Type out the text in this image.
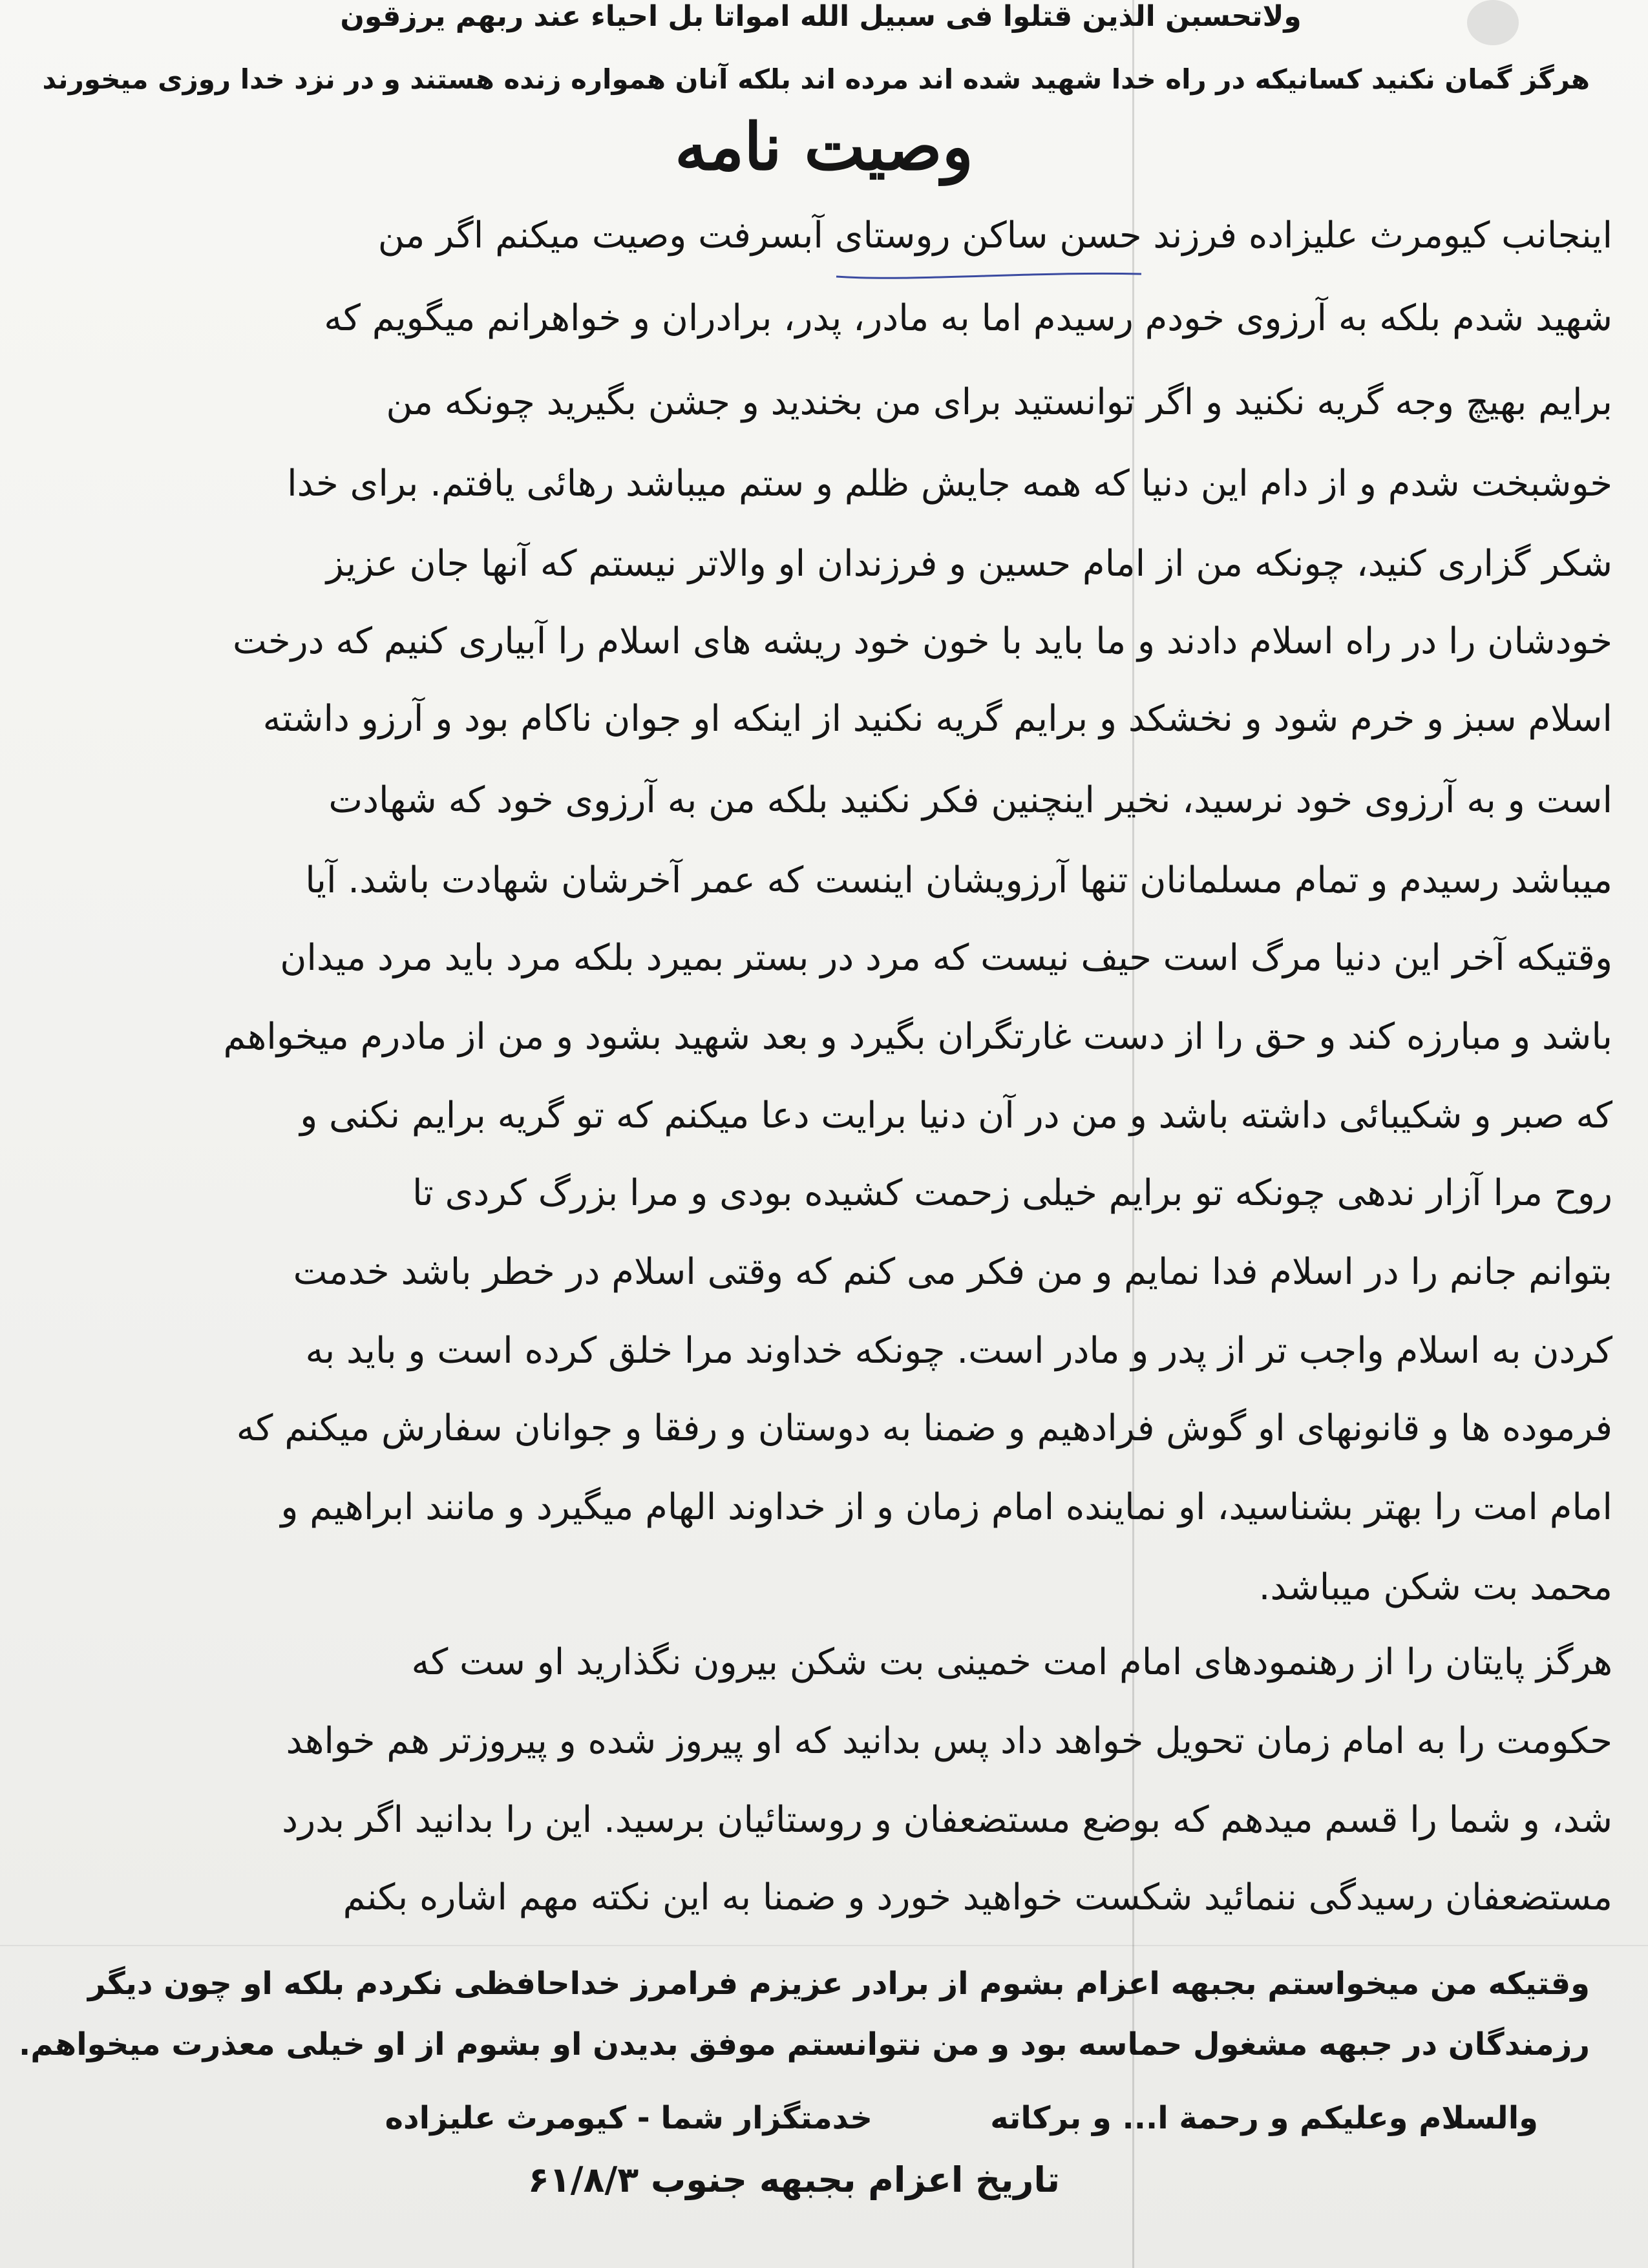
ولاتحسبن الذین قتلوا فی سبیل الله امواتا بل احیاء عند ربهم یرزقون
هرگز گمان نکنید کسانیکه در راه خدا شهید شده اند مرده اند بلکه آنان همواره زنده هستند و در نزد خدا روزی میخورند
وصیت نامه
اینجانب کیومرث علیزاده فرزند حسن ساکن روستای آبسرفت وصیت میکنم اگر من
شهید شدم بلکه به آرزوی خودم رسیدم اما به مادر، پدر، برادران و خواهرانم میگویم که
برایم بهیچ وجه گریه نکنید و اگر توانستید برای من بخندید و جشن بگیرید چونکه من
خوشبخت شدم و از دام این دنیا که همه جایش ظلم و ستم میباشد رهائی یافتم. برای خدا
شکر گزاری کنید، چونکه من از امام حسین و فرزندان او والاتر نیستم که آنها جان عزیز
خودشان را در راه اسلام دادند و ما باید با خون خود ریشه های اسلام را آبیاری کنیم که درخت
اسلام سبز و خرم شود و نخشکد و برایم گریه نکنید از اینکه او جوان ناکام بود و آرزو داشته
است و به آرزوی خود نرسید، نخیر اینچنین فکر نکنید بلکه من به آرزوی خود که شهادت
میباشد رسیدم و تمام مسلمانان تنها آرزویشان اینست که عمر آخرشان شهادت باشد. آیا
وقتیکه آخر این دنیا مرگ است حیف نیست که مرد در بستر بمیرد بلکه مرد باید مرد میدان
باشد و مبارزه کند و حق را از دست غارتگران بگیرد و بعد شهید بشود و من از مادرم میخواهم
که صبر و شکیبائی داشته باشد و من در آن دنیا برایت دعا میکنم که تو گریه برایم نکنی و
روح مرا آزار ندهی چونکه تو برایم خیلی زحمت کشیده بودی و مرا بزرگ کردی تا
بتوانم جانم را در اسلام فدا نمایم و من فکر می کنم که وقتی اسلام در خطر باشد خدمت
کردن به اسلام واجب تر از پدر و مادر است. چونکه خداوند مرا خلق کرده است و باید به
فرموده ها و قانونهای او گوش فرادهیم و ضمنا به دوستان و رفقا و جوانان سفارش میکنم که
امام امت را بهتر بشناسید، او نماینده امام زمان و از خداوند الهام میگیرد و مانند ابراهیم و
محمد بت شکن میباشد.
هرگز پایتان را از رهنمودهای امام امت خمینی بت شکن بیرون نگذارید او ست که
حکومت را به امام زمان تحویل خواهد داد پس بدانید که او پیروز شده و پیروزتر هم خواهد
شد، و شما را قسم میدهم که بوضع مستضعفان و روستائیان برسید. این را بدانید اگر بدرد
مستضعفان رسیدگی ننمائید شکست خواهید خورد و ضمنا به این نکته مهم اشاره بکنم
وقتیکه من میخواستم بجبهه اعزام بشوم از برادر عزیزم فرامرز خداحافظی نکردم بلکه او چون دیگر
رزمندگان در جبهه مشغول حماسه بود و من نتوانستم موفق بدیدن او بشوم از او خیلی معذرت میخواهم.
والسلام وعلیکم و رحمة ا... و برکاته
خدمتگزار شما - کیومرث علیزاده
تاریخ اعزام بجبهه جنوب ۶۱/۸/۳
